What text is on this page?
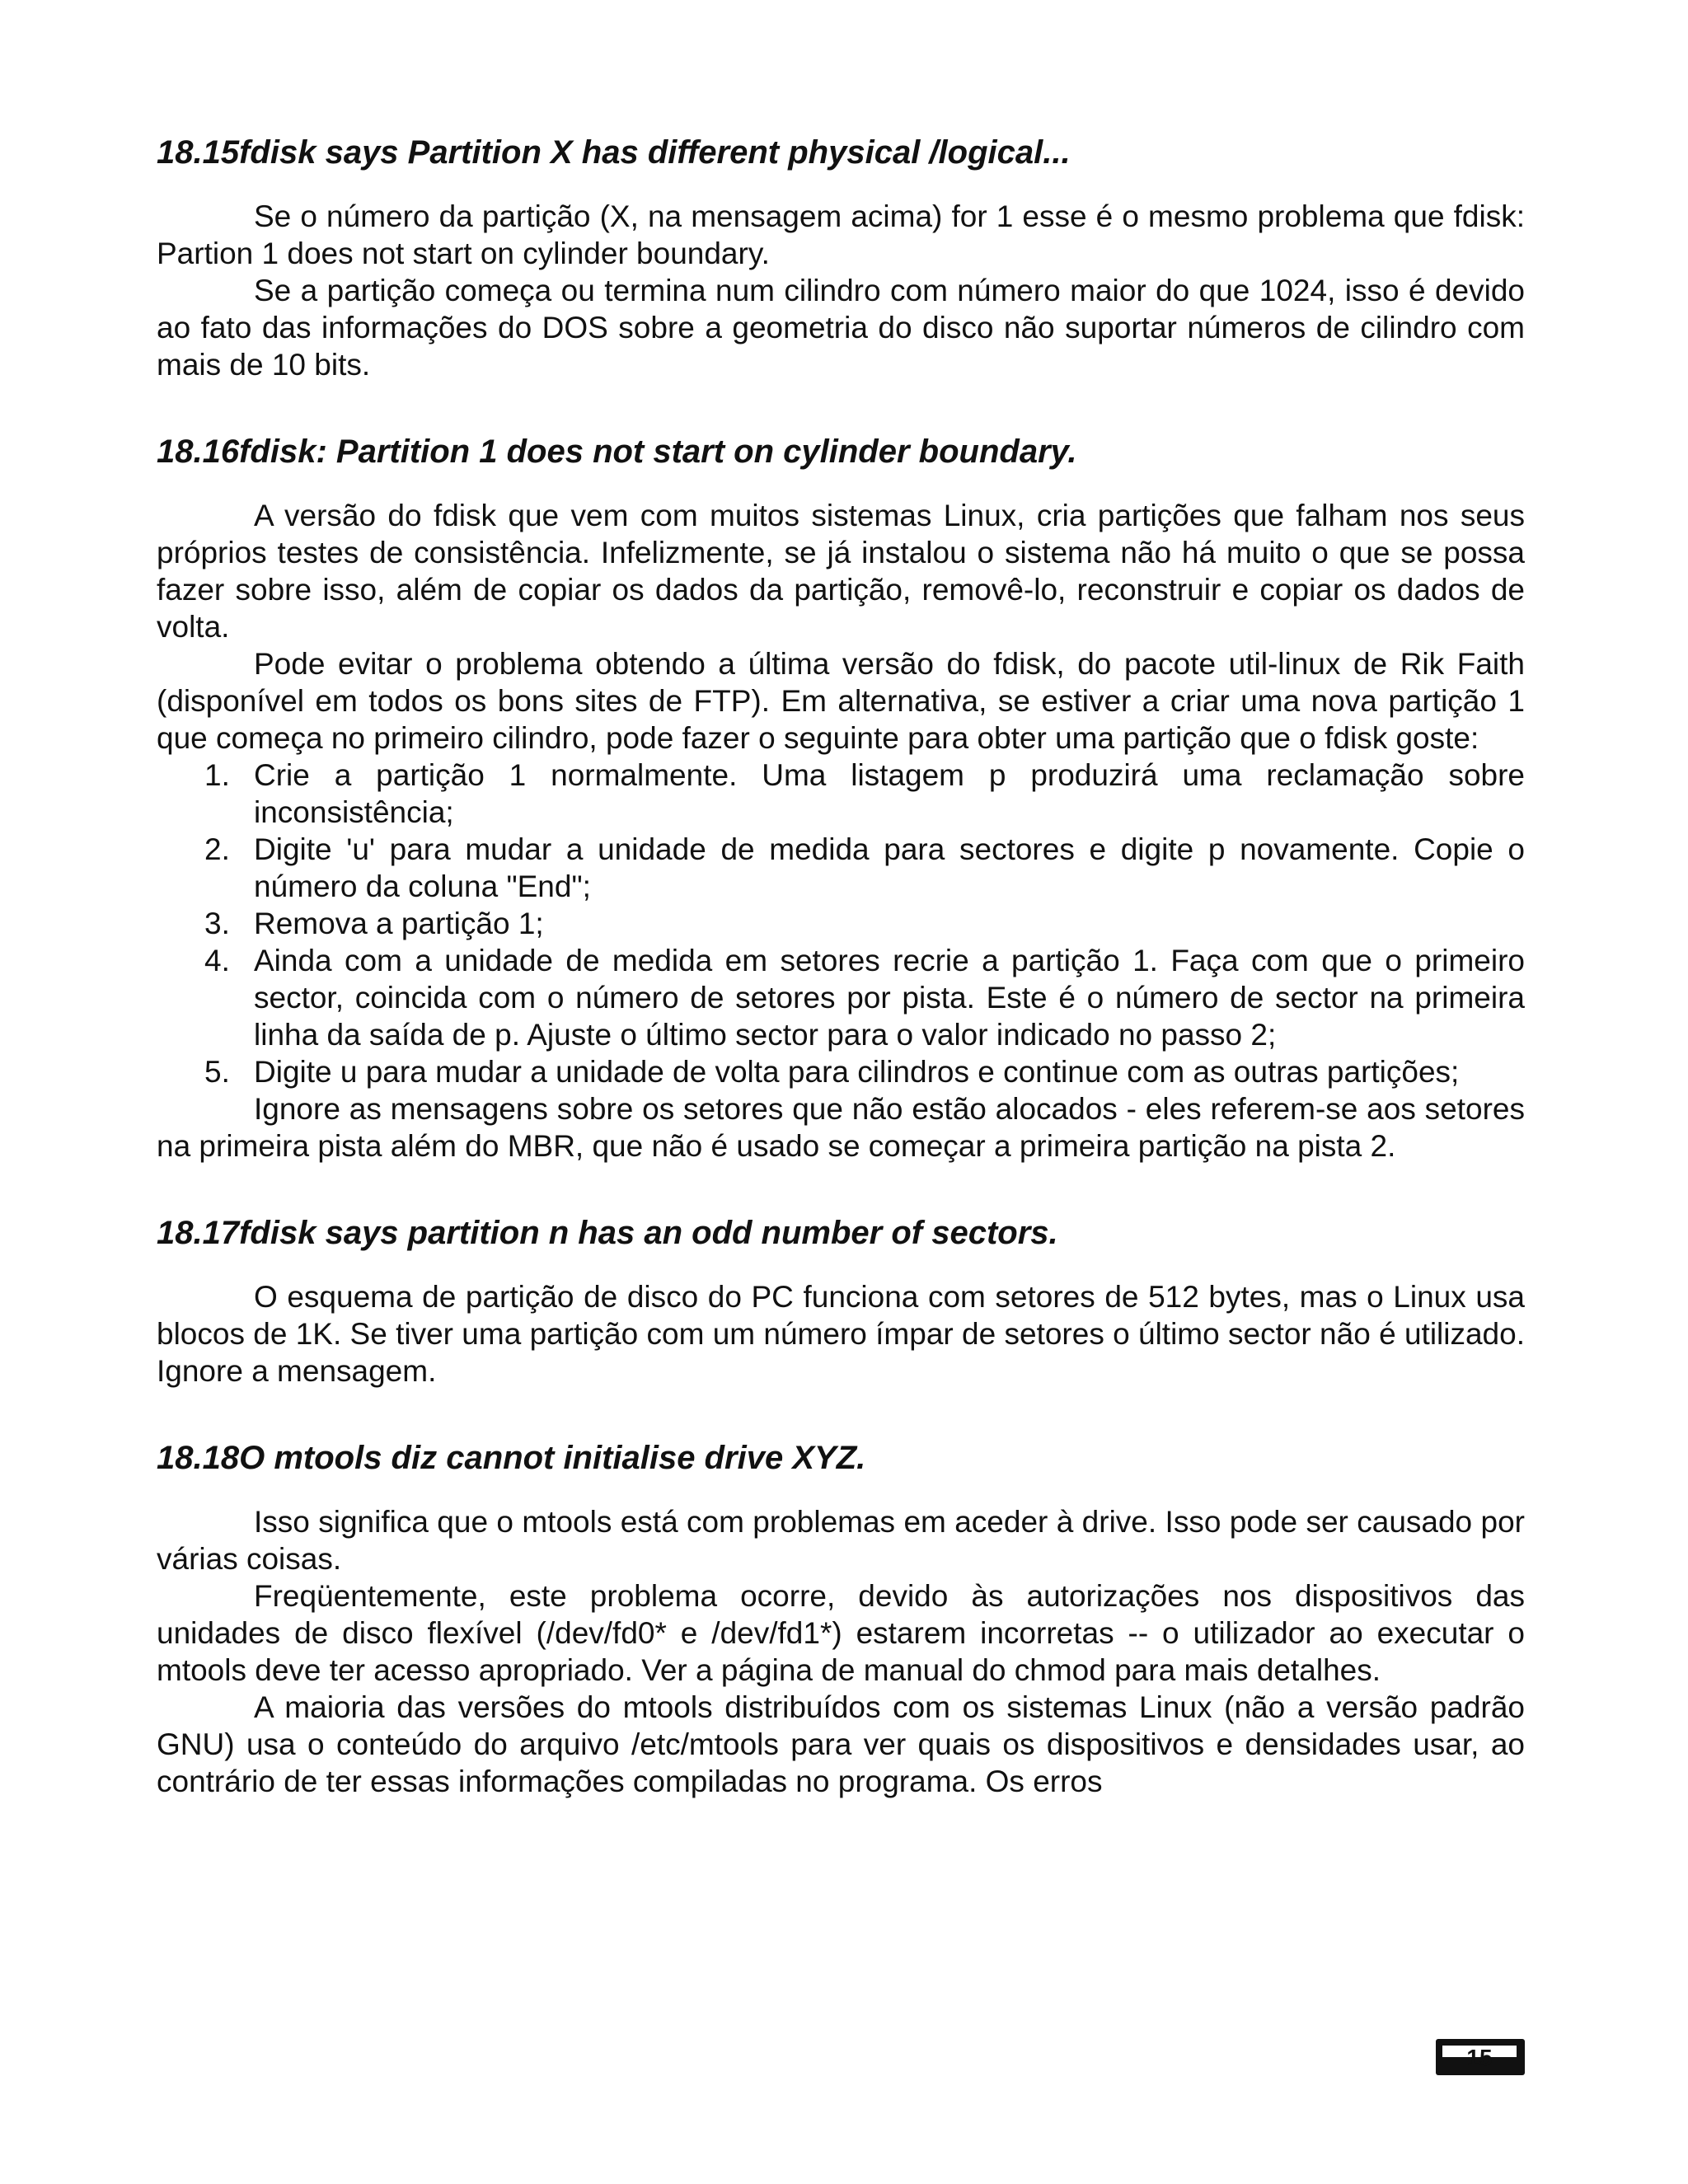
18.15fdisk says Partition X has different physical /logical...

Se o número da partição (X, na mensagem acima) for 1 esse é o mesmo problema que fdisk: Partion 1 does not start on cylinder boundary.

Se a partição começa ou termina num cilindro com número maior do que 1024, isso é devido ao fato das informações do DOS sobre a geometria do disco não suportar números de cilindro com mais de 10 bits.

18.16fdisk: Partition 1 does not start on cylinder boundary.

A versão do fdisk que vem com muitos sistemas Linux, cria partições que falham nos seus próprios testes de consistência. Infelizmente, se já instalou o sistema não há muito o que se possa fazer sobre isso, além de copiar os dados da partição, removê-lo, reconstruir e copiar os dados de volta.

Pode evitar o problema obtendo a última versão do fdisk, do pacote util-linux de Rik Faith (disponível em todos os bons sites de FTP). Em alternativa, se estiver a criar uma nova partição 1 que começa no primeiro cilindro, pode fazer o seguinte para obter uma partição que o fdisk goste:

1. Crie a partição 1 normalmente. Uma listagem p produzirá uma reclamação sobre inconsistência;
2. Digite 'u' para mudar a unidade de medida para sectores e digite p novamente. Copie o número da coluna "End";
3. Remova a partição 1;
4. Ainda com a unidade de medida em setores recrie a partição 1. Faça com que o primeiro sector, coincida com o número de setores por pista. Este é o número de sector na primeira linha da saída de p. Ajuste o último sector para o valor indicado no passo 2;
5. Digite u para mudar a unidade de volta para cilindros e continue com as outras partições;

Ignore as mensagens sobre os setores que não estão alocados - eles referem-se aos setores na primeira pista além do MBR, que não é usado se começar a primeira partição na pista 2.

18.17fdisk says partition n has an odd number of sectors.

O esquema de partição de disco do PC funciona com setores de 512 bytes, mas o Linux usa blocos de 1K. Se tiver uma partição com um número ímpar de setores o último sector não é utilizado. Ignore a mensagem.

18.18O mtools diz cannot initialise drive XYZ.

Isso significa que o mtools está com problemas em aceder à drive. Isso pode ser causado por várias coisas.

Freqüentemente, este problema ocorre, devido às autorizações nos dispositivos das unidades de disco flexível (/dev/fd0* e /dev/fd1*) estarem incorretas -- o utilizador ao executar o mtools deve ter acesso apropriado. Ver a página de manual do chmod para mais detalhes.

A maioria das versões do mtools distribuídos com os sistemas Linux (não a versão padrão GNU) usa o conteúdo do arquivo /etc/mtools para ver quais os dispositivos e densidades usar, ao contrário de ter essas informações compiladas no programa. Os erros

15
